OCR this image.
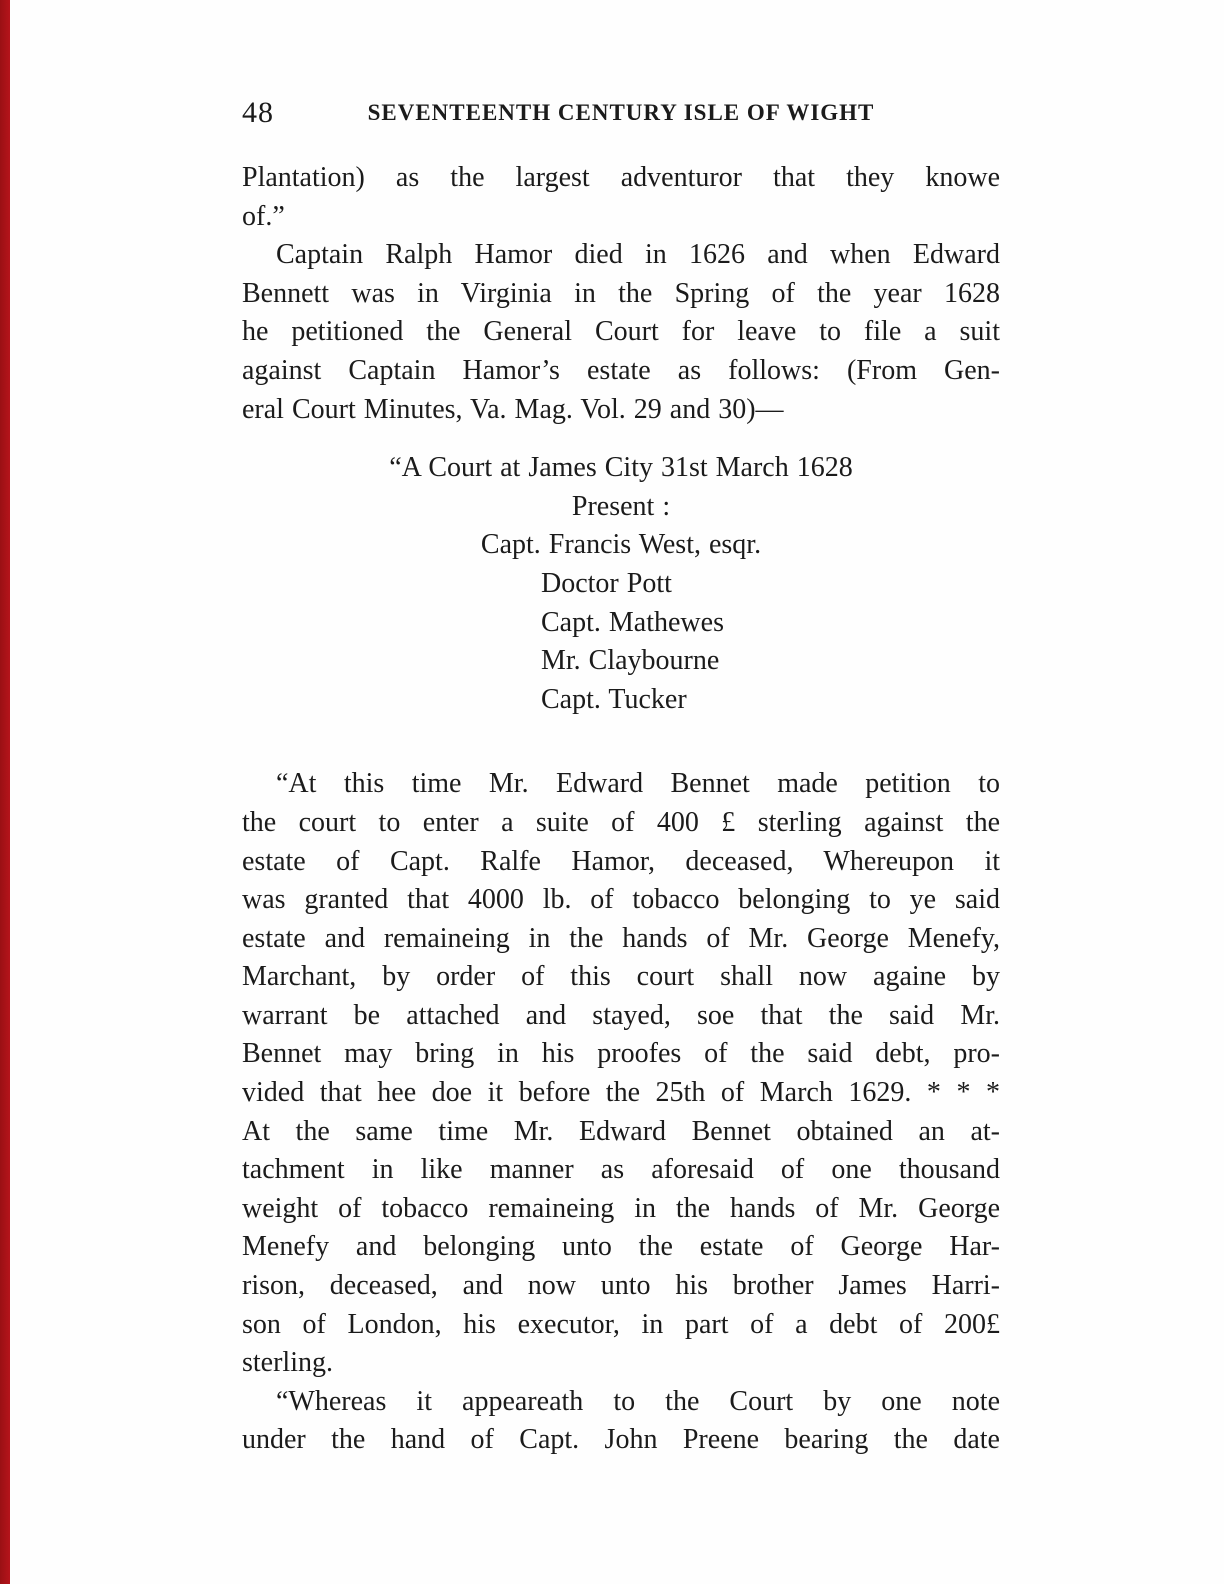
48	SEVENTEENTH CENTURY ISLE OF WIGHT
Plantation) as the largest adventuror that they knowe
of.”
Captain Ralph Hamor died in 1626 and when Edward
Bennett was in Virginia in the Spring of the year 1628
he petitioned the General Court for leave to file a suit
against Captain Hamor’s estate as follows: (From Gen-
eral Court Minutes, Va. Mag. Vol. 29 and 30)—
“A Court at James City 31st March 1628
Present :
Capt. Francis West, esqr.
Doctor Pott
Capt. Mathewes
Mr. Claybourne
Capt. Tucker
“At this time Mr. Edward Bennet made petition to
the court to enter a suite of 400 £ sterling against the
estate of Capt. Ralfe Hamor, deceased, Whereupon it
was granted that 4000 lb. of tobacco belonging to ye said
estate and remaineing in the hands of Mr. George Menefy,
Marchant, by order of this court shall now againe by
warrant be attached and stayed, soe that the said Mr.
Bennet may bring in his proofes of the said debt, pro-
vided that hee doe it before the 25th of March 1629. * * *
At the same time Mr. Edward Bennet obtained an at-
tachment in like manner as aforesaid of one thousand
weight of tobacco remaineing in the hands of Mr. George
Menefy and belonging unto the estate of George Har-
rison, deceased, and now unto his brother James Harri-
son of London, his executor, in part of a debt of 200£
sterling.
“Whereas it appeareath to the Court by one note
under the hand of Capt. John Preene bearing the date
